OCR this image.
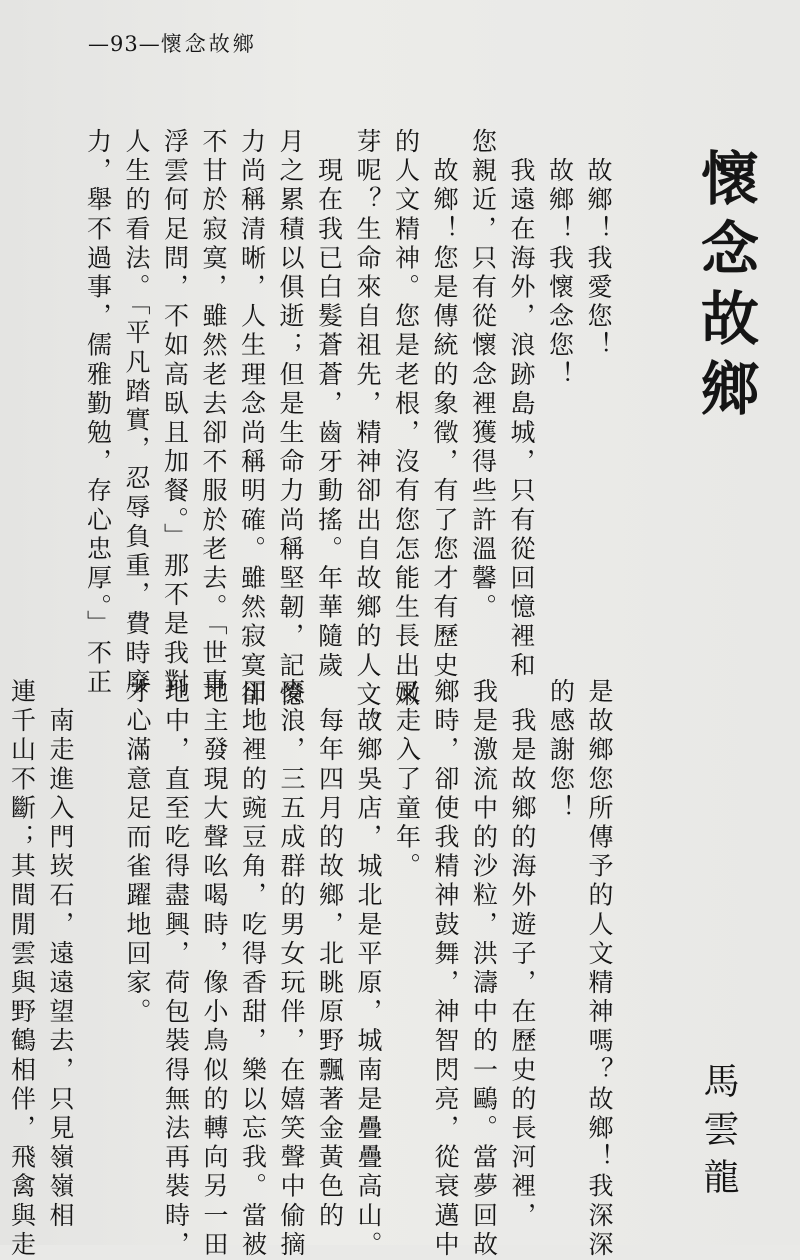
—93—懷念故鄉
懷念故鄉
馬雲龍
　故鄉！我愛您！
　故鄉！我懷念您！
　我遠在海外，浪跡島城，只有從回憶裡和
您親近，只有從懷念裡獲得些許溫馨。
　故鄉！您是傳統的象徵，有了您才有歷史
的人文精神。您是老根，沒有您怎能生長出嫩
芽呢？生命來自祖先，精神卻出自故鄉的人文。
　現在我已白髮蒼蒼，齒牙動搖。年華隨歲
月之累積以俱逝；但是生命力尚稱堅韌，記憶
力尚稱清晰，人生理念尚稱明確。雖然寂寞卻
不甘於寂寞，雖然老去卻不服於老去。「世事
浮雲何足問，不如高臥且加餐。」那不是我對
人生的看法。「平凡踏實，忍辱負重，費時廢
力，舉不過事，儒雅勤勉，存心忠厚。」不正
是故鄉您所傳予的人文精神嗎？故鄉！我深深
的感謝您！
　我是故鄉的海外遊子，在歷史的長河裡，
我是激流中的沙粒，洪濤中的一鷗。當夢回故
鄉時，卻使我精神鼓舞，神智閃亮，從衰邁中
又走入了童年。
　故鄉吳店，城北是平原，城南是疊疊高山。
　每年四月的故鄉，北眺原野飄著金黃色的
麥浪，三五成群的男女玩伴，在嬉笑聲中偷摘
田地裡的豌豆角，吃得香甜，樂以忘我。當被
地主發現大聲吆喝時，像小鳥似的轉向另一田
地中，直至吃得盡興，荷包裝得無法再裝時，
才心滿意足而雀躍地回家。

　南走進入門崁石，遠遠望去，只見嶺嶺相
連千山不斷；其間閒雲與野鶴相伴，飛禽與走
